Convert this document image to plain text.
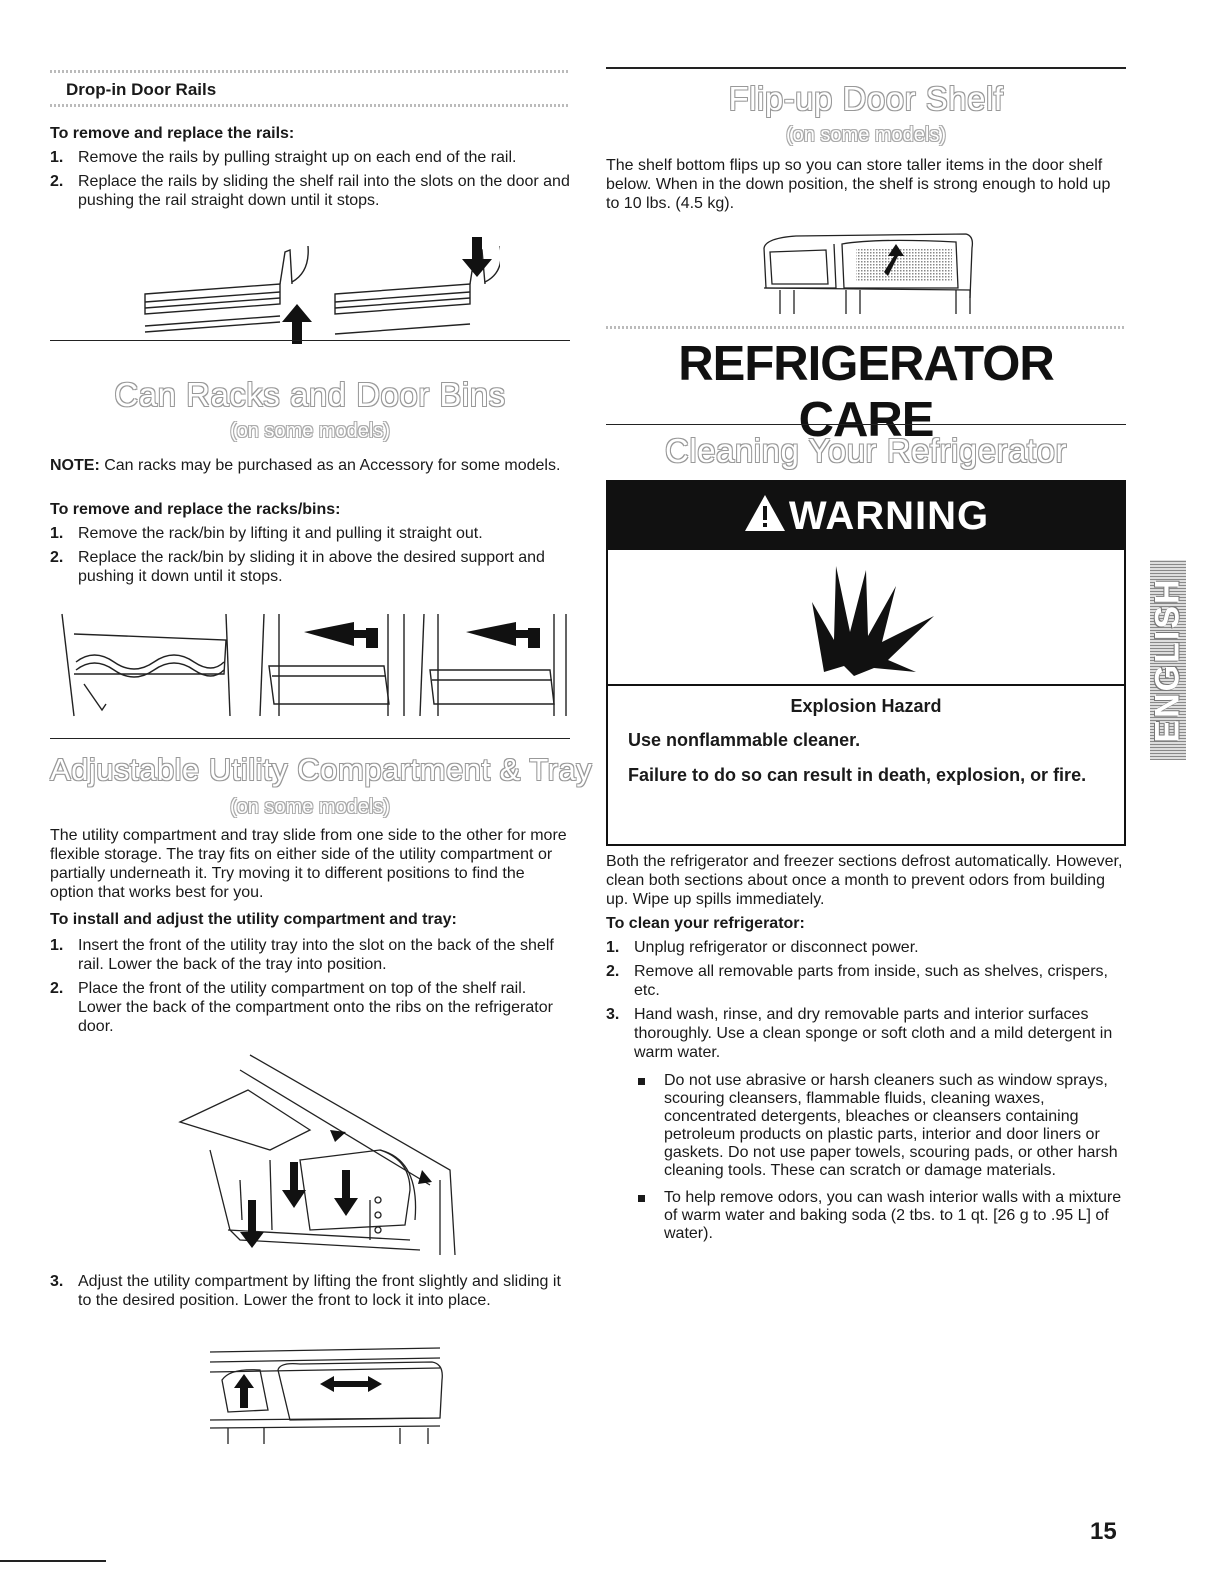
Drop-in Door Rails
To remove and replace the rails:
1. Remove the rails by pulling straight up on each end of the rail.
2. Replace the rails by sliding the shelf rail into the slots on the door and pushing the rail straight down until it stops.
Can Racks and Door Bins
(on some models)

NOTE: Can racks may be purchased as an Accessory for some models.

To remove and replace the racks/bins:
1. Remove the rack/bin by lifting it and pulling it straight out.
2. Replace the rack/bin by sliding it in above the desired support and pushing it down until it stops.
Adjustable Utility Compartment & Tray
(on some models)

The utility compartment and tray slide from one side to the other for more flexible storage. The tray fits on either side of the utility compartment or partially underneath it. Try moving it to different positions to find the option that works best for you.

To install and adjust the utility compartment and tray:
1. Insert the front of the utility tray into the slot on the back of the shelf rail. Lower the back of the tray into position.
2. Place the front of the utility compartment on top of the shelf rail. Lower the back of the compartment onto the ribs on the refrigerator door.
3. Adjust the utility compartment by lifting the front slightly and sliding it to the desired position. Lower the front to lock it into place.
Flip-up Door Shelf
(on some models)

The shelf bottom flips up so you can store taller items in the door shelf below. When in the down position, the shelf is strong enough to hold up to 10 lbs. (4.5 kg).

REFRIGERATOR CARE
Cleaning Your Refrigerator
WARNING
Explosion Hazard
Use nonflammable cleaner.
Failure to do so can result in death, explosion, or fire.

Both the refrigerator and freezer sections defrost automatically. However, clean both sections about once a month to prevent odors from building up. Wipe up spills immediately.

To clean your refrigerator:
1. Unplug refrigerator or disconnect power.
2. Remove all removable parts from inside, such as shelves, crispers, etc.
3. Hand wash, rinse, and dry removable parts and interior surfaces thoroughly. Use a clean sponge or soft cloth and a mild detergent in warm water.
Do not use abrasive or harsh cleaners such as window sprays, scouring cleansers, flammable fluids, cleaning waxes, concentrated detergents, bleaches or cleansers containing petroleum products on plastic parts, interior and door liners or gaskets. Do not use paper towels, scouring pads, or other harsh cleaning tools. These can scratch or damage materials.
To help remove odors, you can wash interior walls with a mixture of warm water and baking soda (2 tbs. to 1 qt. [26 g to .95 L] of water).
ENGLISH
15
